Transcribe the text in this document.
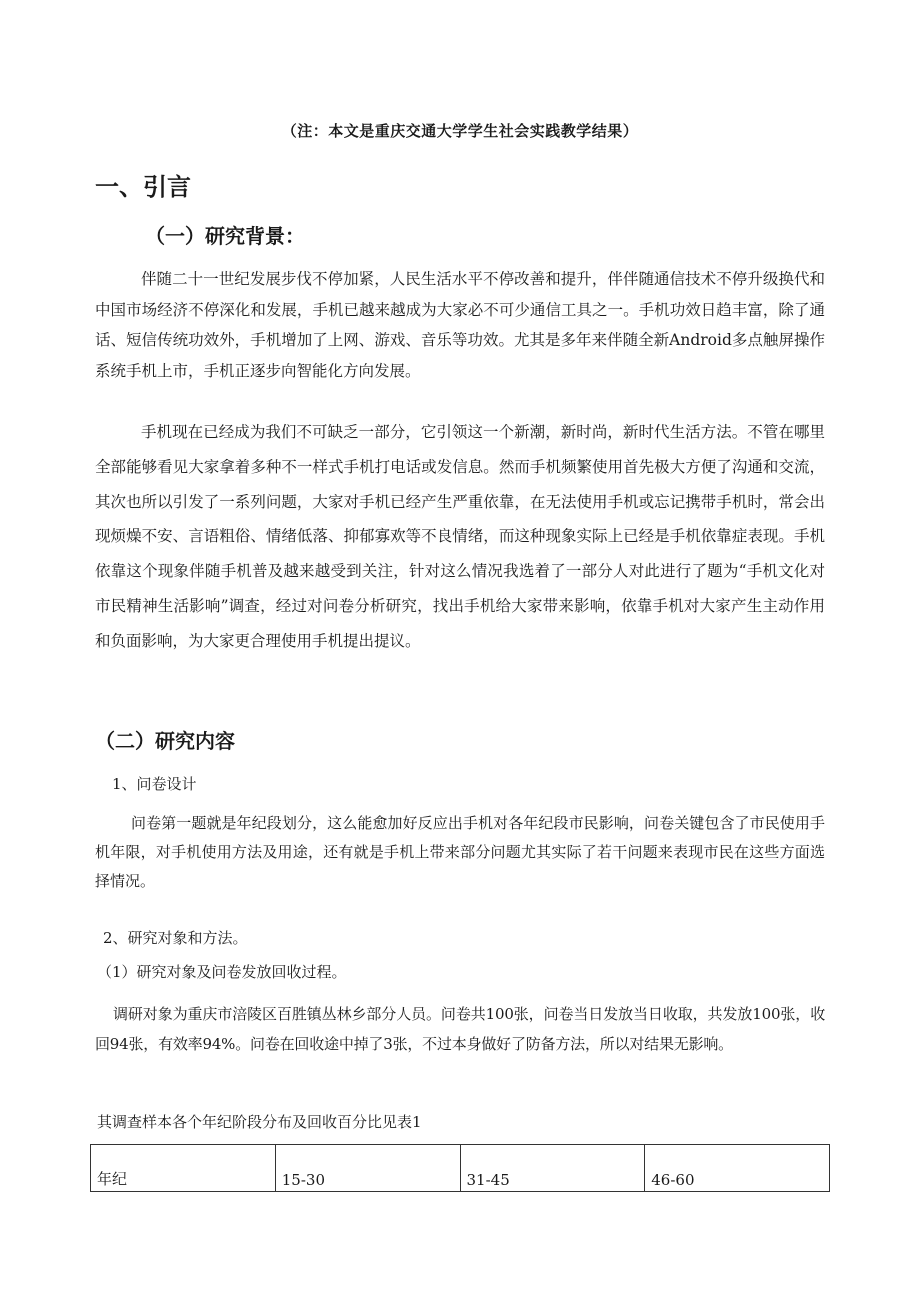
（注：本文是重庆交通大学学生社会实践教学结果）
一、引言
（一）研究背景：

伴随二十一世纪发展步伐不停加紧，人民生活水平不停改善和提升，伴伴随通信技术不停升级换代和中国市场经济不停深化和发展，手机已越来越成为大家必不可少通信工具之一。手机功效日趋丰富，除了通话、短信传统功效外，手机增加了上网、游戏、音乐等功效。尤其是多年来伴随全新Android多点触屏操作系统手机上市，手机正逐步向智能化方向发展。

手机现在已经成为我们不可缺乏一部分，它引领这一个新潮，新时尚，新时代生活方法。不管在哪里全部能够看见大家拿着多种不一样式手机打电话或发信息。然而手机频繁使用首先极大方便了沟通和交流，其次也所以引发了一系列问题，大家对手机已经产生严重依靠，在无法使用手机或忘记携带手机时，常会出现烦燥不安、言语粗俗、情绪低落、抑郁寡欢等不良情绪，而这种现象实际上已经是手机依靠症表现。手机依靠这个现象伴随手机普及越来越受到关注，针对这么情况我选着了一部分人对此进行了题为“手机文化对市民精神生活影响”调查，经过对问卷分析研究，找出手机给大家带来影响，依靠手机对大家产生主动作用和负面影响，为大家更合理使用手机提出提议。

（二）研究内容
1、问卷设计

问卷第一题就是年纪段划分，这么能愈加好反应出手机对各年纪段市民影响，问卷关键包含了市民使用手机年限，对手机使用方法及用途，还有就是手机上带来部分问题尤其实际了若干问题来表现市民在这些方面选择情况。

2、研究对象和方法。
（1）研究对象及问卷发放回收过程。

调研对象为重庆市涪陵区百胜镇丛林乡部分人员。问卷共100张，问卷当日发放当日收取，共发放100张，收回94张，有效率94%。问卷在回收途中掉了3张，不过本身做好了防备方法，所以对结果无影响。

其调查样本各个年纪阶段分布及回收百分比见表1
年纪	15-30	31-45	46-60
